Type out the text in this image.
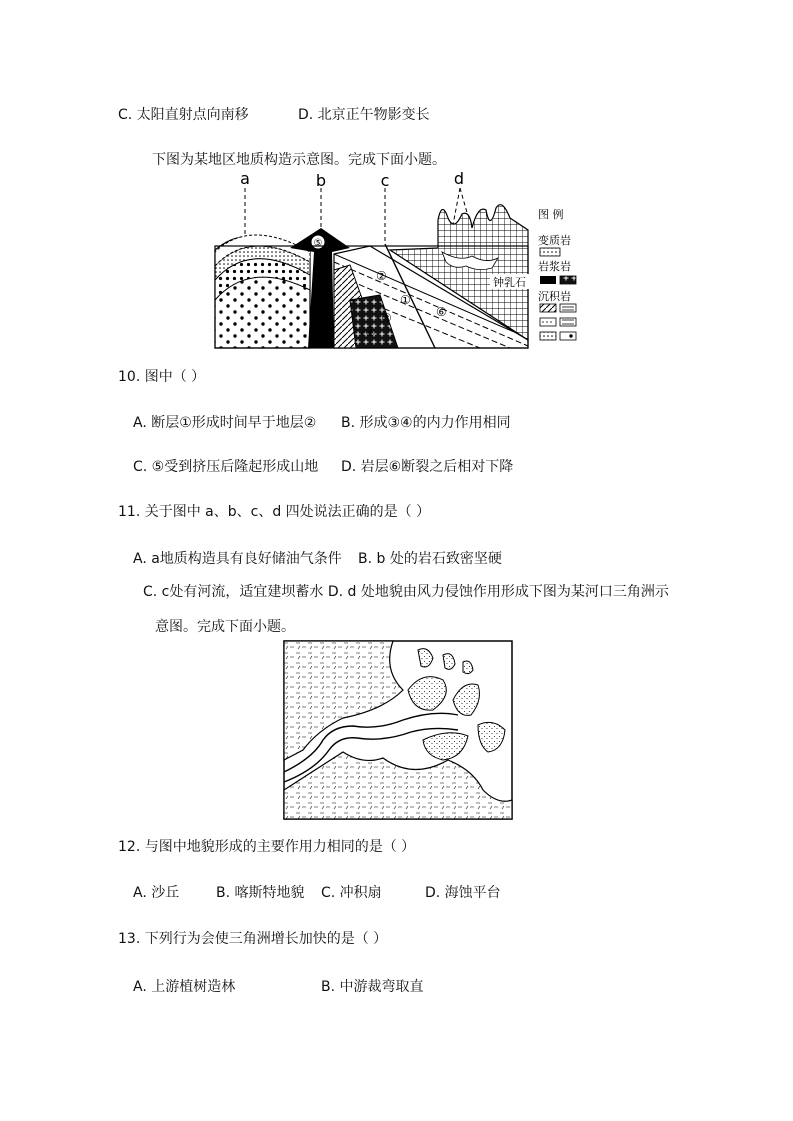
C. 太阳直射点向南移	D. 北京正午物影变长
下图为某地区地质构造示意图。完成下面小题。
⑤
a	b	c	d
②
①
③
④
⑥
钟乳石
图 例
变质岩
岩浆岩
沉积岩
10. 图中（ ）
A. 断层①形成时间早于地层② B. 形成③④的内力作用相同
C. ⑤受到挤压后隆起形成山地 D. 岩层⑥断裂之后相对下降
11. 关于图中 a、b、c、d 四处说法正确的是（ ）
A. a地质构造具有良好储油气条件 B. b 处的岩石致密坚硬
C. c处有河流，适宜建坝蓄水 D. d 处地貌由风力侵蚀作用形成下图为某河口三角洲示
意图。完成下面小题。
12. 与图中地貌形成的主要作用力相同的是（ ）
A. 沙丘	B. 喀斯特地貌 C. 冲积扇	D. 海蚀平台
13. 下列行为会使三角洲增长加快的是（ ）
A. 上游植树造林	B. 中游裁弯取直
